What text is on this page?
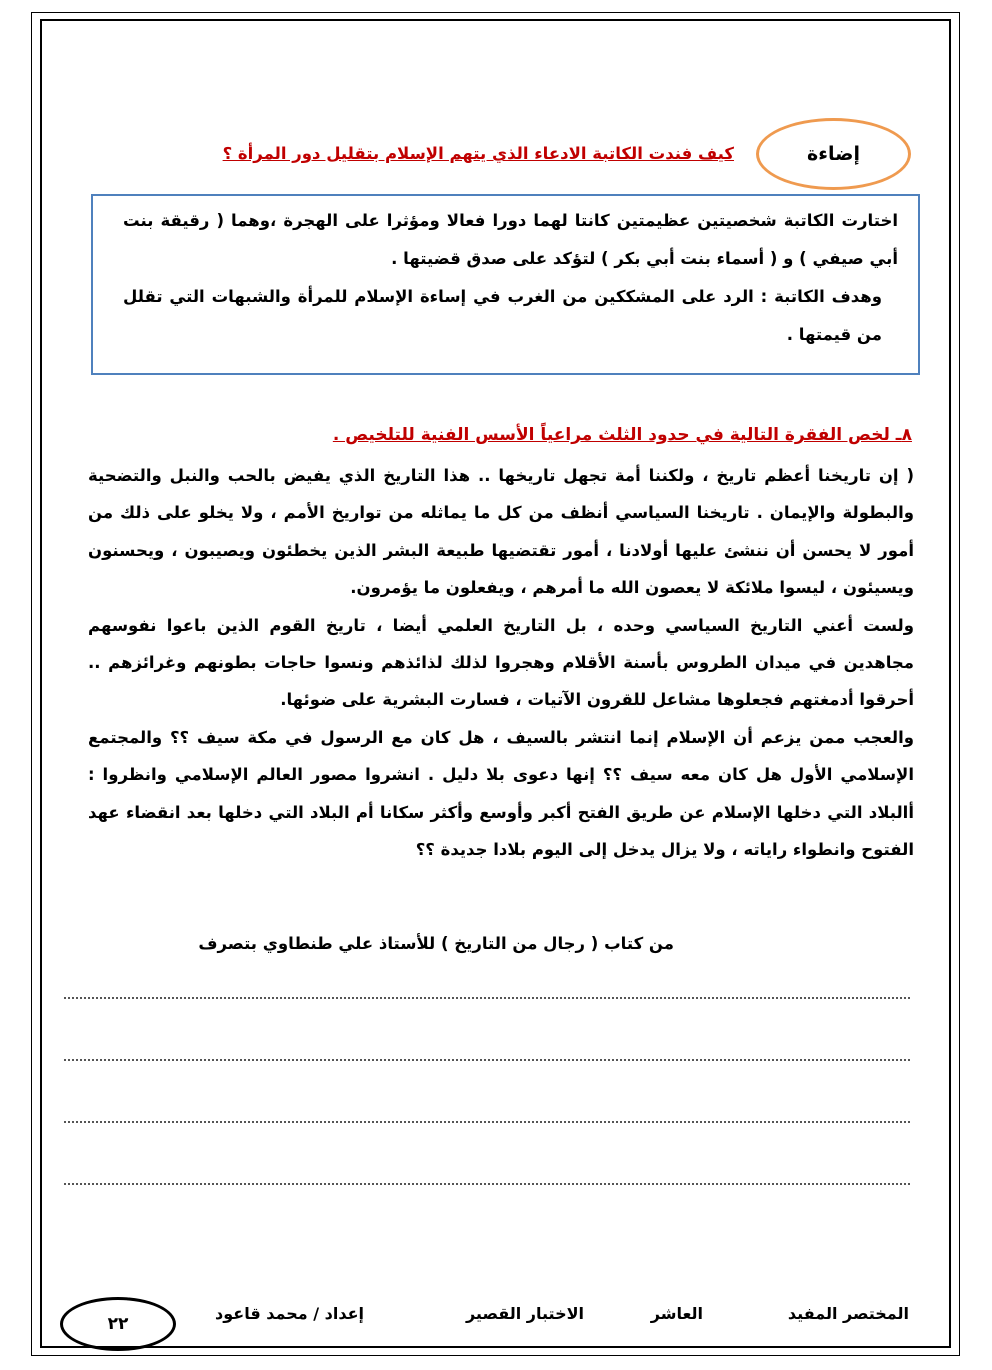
إضاءة
كيف فندت الكاتبة الادعاء الذي يتهم الإسلام بتقليل دور المرأة ؟

اختارت الكاتبة شخصيتين عظيمتين كانتا لهما دورا فعالا ومؤثرا على الهجرة ،وهما ( رقيقة بنت أبي صيفي ) و ( أسماء بنت أبي بكر ) لتؤكد على صدق قضيتها .

وهدف الكاتبة : الرد على المشككين من الغرب في إساءة الإسلام للمرأة والشبهات التي تقلل من قيمتها .

٨ـ لخص الفقرة التالية في حدود الثلث مراعياً الأسس الفنية للتلخيص .

( إن تاريخنا أعظم تاريخ ، ولكننا أمة تجهل تاريخها .. هذا التاريخ الذي يفيض بالحب والنبل والتضحية والبطولة والإيمان . تاريخنا السياسي أنظف من كل ما يماثله من تواريخ الأمم ، ولا يخلو على ذلك من أمور لا يحسن أن ننشئ عليها أولادنا ، أمور تقتضيها طبيعة البشر الذين يخطئون ويصيبون ، ويحسنون ويسيئون ، ليسوا ملائكة لا يعصون الله ما أمرهم ، ويفعلون ما يؤمرون.

ولست أعني التاريخ السياسي وحده ، بل التاريخ العلمي أيضا ، تاريخ القوم الذين باعوا نفوسهم مجاهدين في ميدان الطروس بأسنة الأقلام وهجروا لذلك لذائذهم ونسوا حاجات بطونهم وغرائزهم .. أحرقوا أدمغتهم فجعلوها مشاعل للقرون الآتيات ، فسارت البشرية على ضوئها.

والعجب ممن يزعم أن الإسلام إنما انتشر بالسيف ، هل كان مع الرسول في مكة سيف ؟؟ والمجتمع الإسلامي الأول هل كان معه سيف ؟؟ إنها دعوى بلا دليل . انشروا مصور العالم الإسلامي وانظروا : أالبلاد التي دخلها الإسلام عن طريق الفتح أكبر وأوسع وأكثر سكانا أم البلاد التي دخلها بعد انقضاء عهد الفتوح وانطواء راياته ، ولا يزال يدخل إلى اليوم بلادا جديدة ؟؟

من كتاب ( رجال من التاريخ ) للأستاذ علي طنطاوي بتصرف
المختصر المفيد
العاشر
الاختبار القصير
إعداد / محمد قاعود
٢٢
